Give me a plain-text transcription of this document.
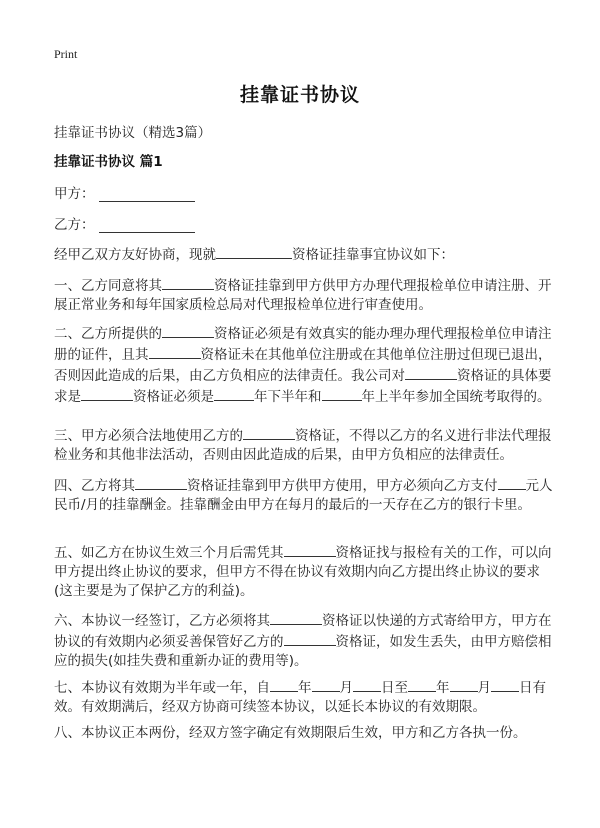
Print
挂靠证书协议
挂靠证书协议（精选3篇）
挂靠证书协议 篇1
甲方：
乙方：

经甲乙双方友好协商，现就	资格证挂靠事宜协议如下：

一、乙方同意将其	资格证挂靠到甲方供甲方办理代理报检单位申请注册、开展正常业务和每年国家质检总局对代理报检单位进行审查使用。

二、乙方所提供的	资格证必须是有效真实的能办理办理代理报检单位申请注册的证件，且其	资格证未在其他单位注册或在其他单位注册过但现已退出，否则因此造成的后果，由乙方负相应的法律责任。我公司对	资格证的具体要求是	资格证必须是	年下半年和	年上半年参加全国统考取得的。

三、甲方必须合法地使用乙方的	资格证，不得以乙方的名义进行非法代理报检业务和其他非法活动，否则由因此造成的后果，由甲方负相应的法律责任。

四、乙方将其	资格证挂靠到甲方供甲方使用，甲方必须向乙方支付 元人民币/月的挂靠酬金。挂靠酬金由甲方在每月的最后的一天存在乙方的银行卡里。

五、如乙方在协议生效三个月后需凭其	资格证找与报检有关的工作，可以向甲方提出终止协议的要求，但甲方不得在协议有效期内向乙方提出终止协议的要求(这主要是为了保护乙方的利益)。

六、本协议一经签订，乙方必须将其	资格证以快递的方式寄给甲方，甲方在协议的有效期内必须妥善保管好乙方的	资格证，如发生丢失，由甲方赔偿相应的损失(如挂失费和重新办证的费用等)。

七、本协议有效期为半年或一年，自 年 月 日至 年 月 日有效。有效期满后，经双方协商可续签本协议，以延长本协议的有效期限。

八、本协议正本两份，经双方签字确定有效期限后生效，甲方和乙方各执一份。
